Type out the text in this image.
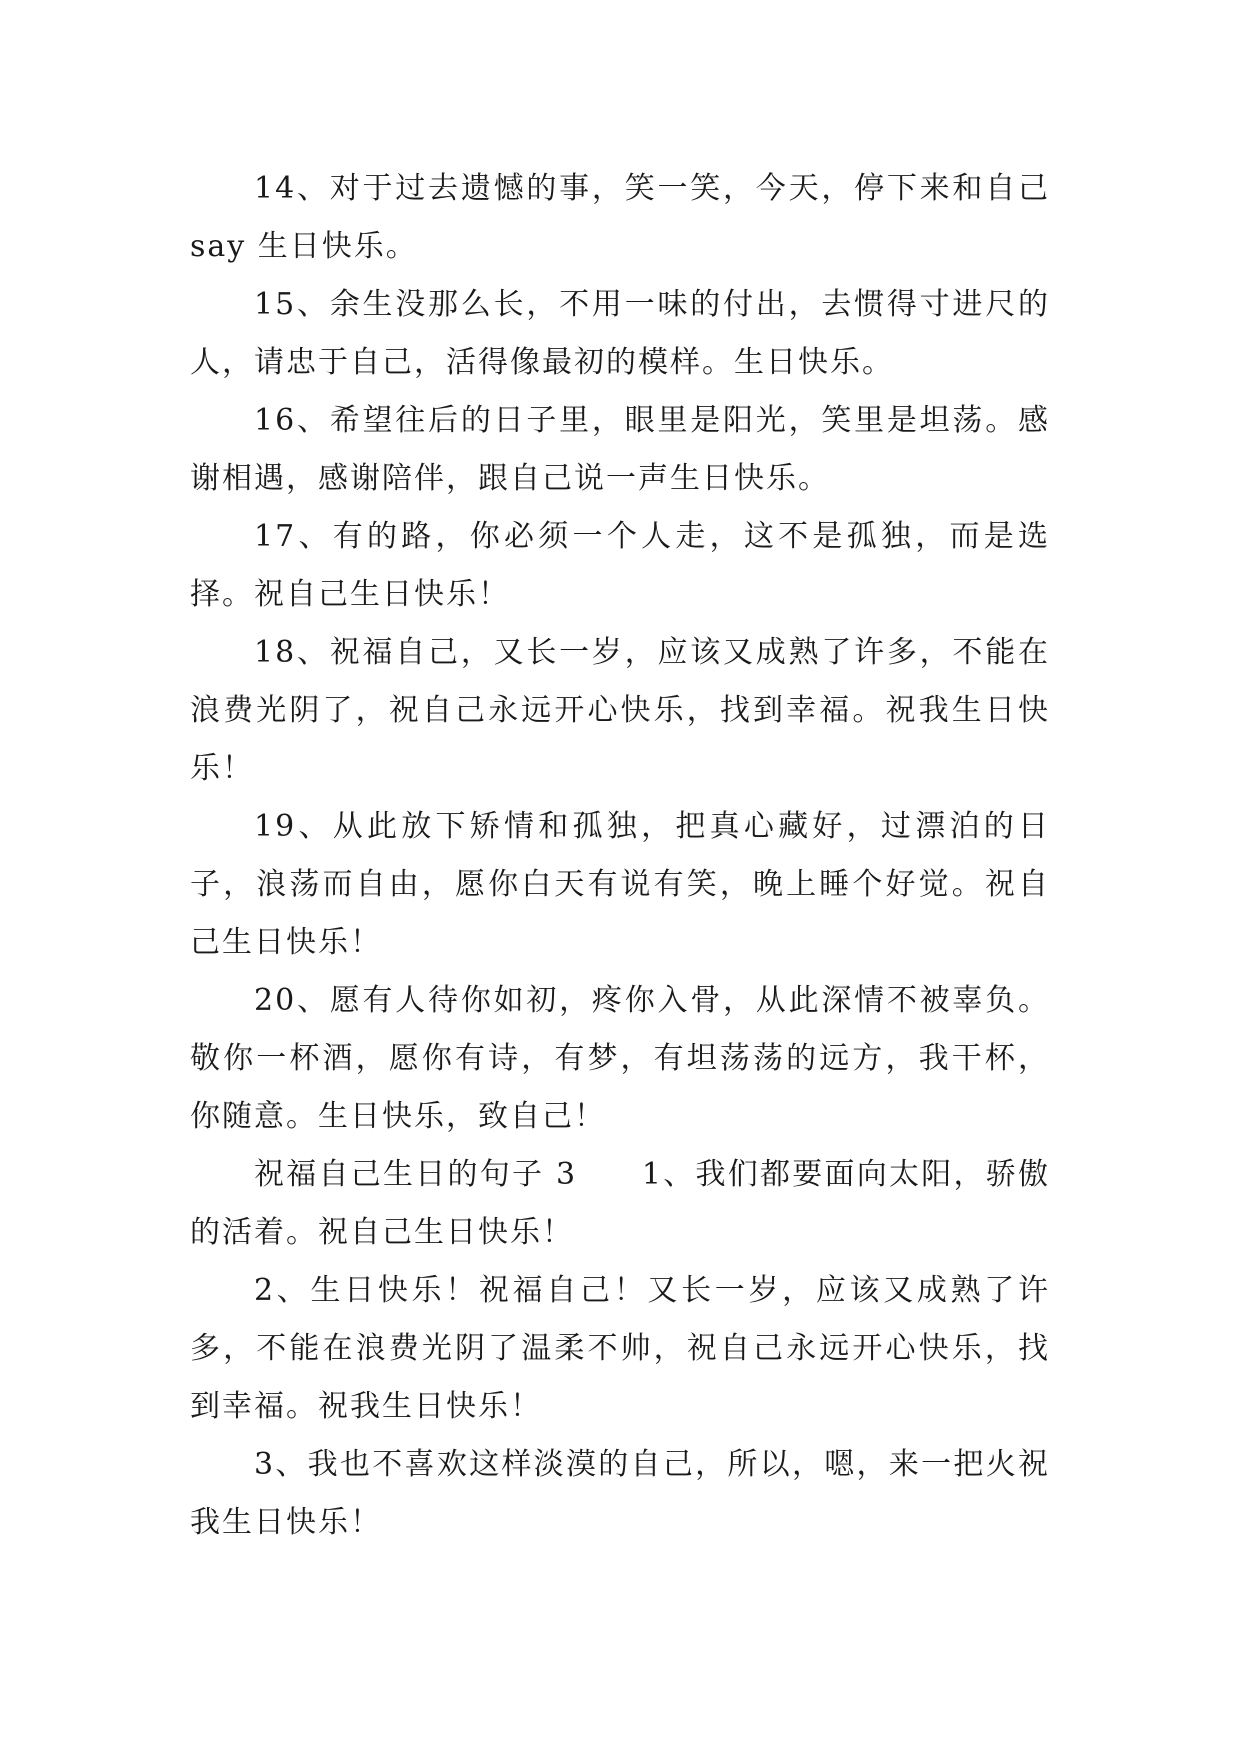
14、对于过去遗憾的事，笑一笑，今天，停下来和自己 say 生日快乐。

15、余生没那么长，不用一味的付出，去惯得寸进尺的人，请忠于自己，活得像最初的模样。生日快乐。

16、希望往后的日子里，眼里是阳光，笑里是坦荡。感谢相遇，感谢陪伴，跟自己说一声生日快乐。

17、有的路，你必须一个人走，这不是孤独，而是选择。祝自己生日快乐！

18、祝福自己，又长一岁，应该又成熟了许多，不能在浪费光阴了，祝自己永远开心快乐，找到幸福。祝我生日快乐！

19、从此放下矫情和孤独，把真心藏好，过漂泊的日子，浪荡而自由，愿你白天有说有笑，晚上睡个好觉。祝自己生日快乐！

20、愿有人待你如初，疼你入骨，从此深情不被辜负。敬你一杯酒，愿你有诗，有梦，有坦荡荡的远方，我干杯，你随意。生日快乐，致自己！

祝福自己生日的句子 3　　1、我们都要面向太阳，骄傲的活着。祝自己生日快乐！

2、生日快乐！祝福自己！又长一岁，应该又成熟了许多，不能在浪费光阴了温柔不帅，祝自己永远开心快乐，找到幸福。祝我生日快乐！

3、我也不喜欢这样淡漠的自己，所以，嗯，来一把火祝我生日快乐！
